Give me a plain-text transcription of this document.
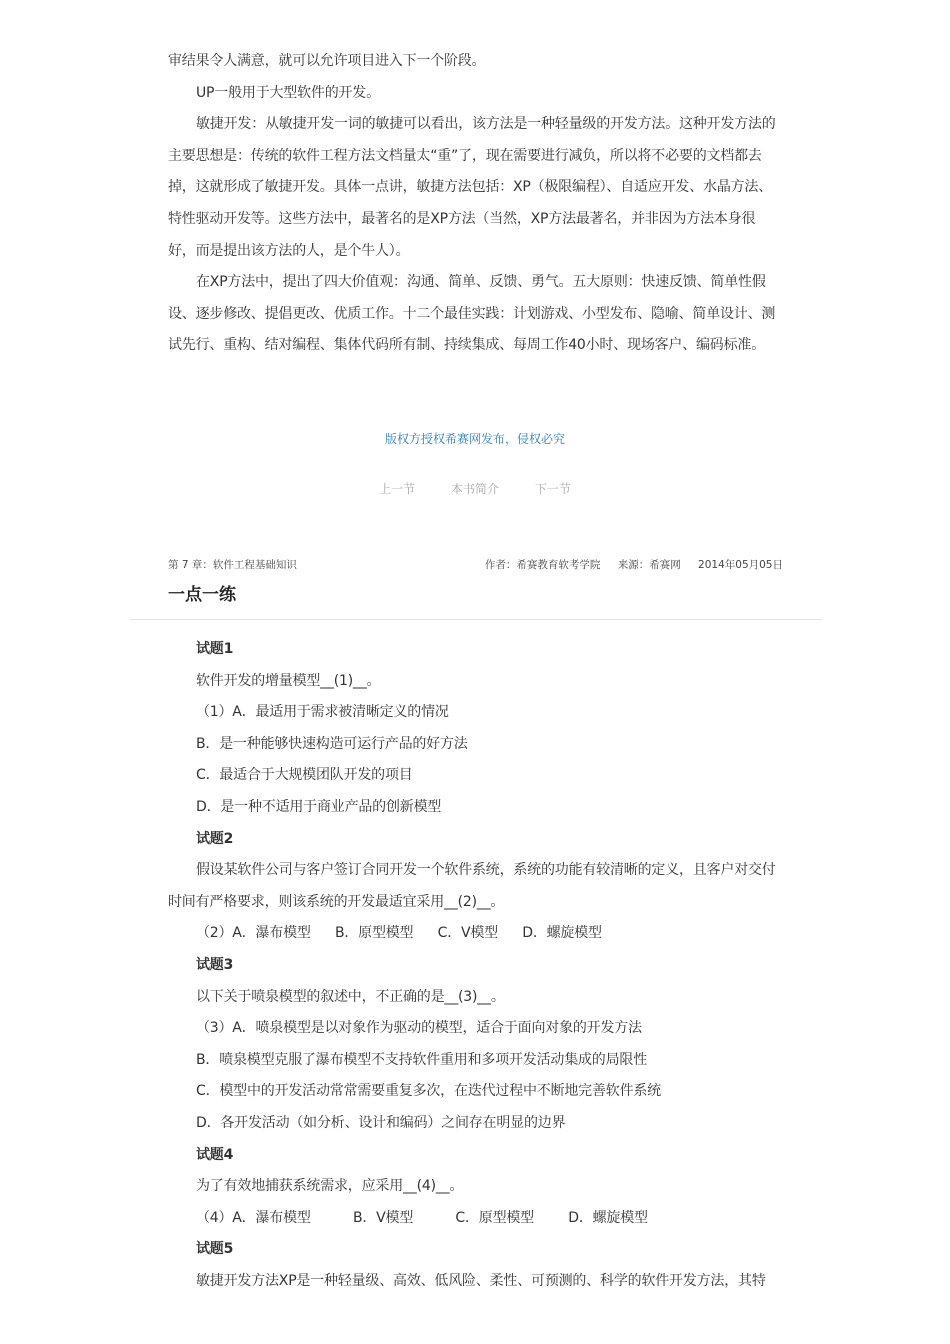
审结果令人满意，就可以允许项目进入下一个阶段。

UP一般用于大型软件的开发。

敏捷开发：从敏捷开发一词的敏捷可以看出，该方法是一种轻量级的开发方法。这种开发方法的主要思想是：传统的软件工程方法文档量太“重”了，现在需要进行减负，所以将不必要的文档都去掉，这就形成了敏捷开发。具体一点讲，敏捷方法包括：XP（极限编程）、自适应开发、水晶方法、特性驱动开发等。这些方法中，最著名的是XP方法（当然，XP方法最著名，并非因为方法本身很好，而是提出该方法的人，是个牛人）。

在XP方法中，提出了四大价值观：沟通、简单、反馈、勇气。五大原则：快速反馈、简单性假设、逐步修改、提倡更改、优质工作。十二个最佳实践：计划游戏、小型发布、隐喻、简单设计、测试先行、重构、结对编程、集体代码所有制、持续集成、每周工作40小时、现场客户、编码标准。

版权方授权希赛网发布，侵权必究
上一节	本书简介	下一节
第 7 章：软件工程基础知识	作者：希赛教育软考学院 来源：希赛网 2014年05月05日
一点一练

试题1

软件开发的增量模型__(1)__。

（1）A．最适用于需求被清晰定义的情况

B．是一种能够快速构造可运行产品的好方法

C．最适合于大规模团队开发的项目

D．是一种不适用于商业产品的创新模型

试题2

假设某软件公司与客户签订合同开发一个软件系统，系统的功能有较清晰的定义，且客户对交付时间有严格要求，则该系统的开发最适宜采用__(2)__。

（2）A．瀑布模型 B．原型模型 C．V模型 D．螺旋模型

试题3

以下关于喷泉模型的叙述中，不正确的是__(3)__。

（3）A．喷泉模型是以对象作为驱动的模型，适合于面向对象的开发方法

B．喷泉模型克服了瀑布模型不支持软件重用和多项开发活动集成的局限性

C．模型中的开发活动常常需要重复多次，在迭代过程中不断地完善软件系统

D．各开发活动（如分析、设计和编码）之间存在明显的边界

试题4

为了有效地捕获系统需求，应采用__(4)__。

（4）A．瀑布模型	B．V模型	C．原型模型 D．螺旋模型

试题5

敏捷开发方法XP是一种轻量级、高效、低风险、柔性、可预测的、科学的软件开发方法，其特
